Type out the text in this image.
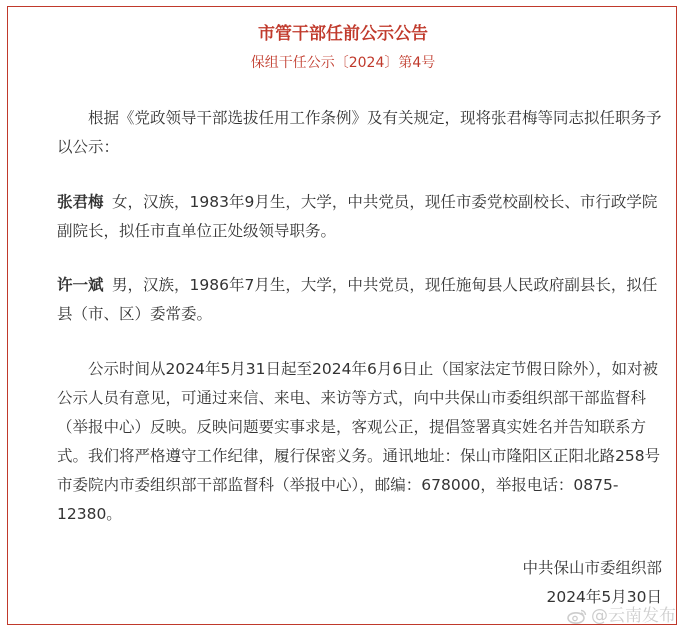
市管干部任前公示公告
保组干任公示〔2024〕第4号

根据《党政领导干部选拔任用工作条例》及有关规定，现将张君梅等同志拟任职务予以公示：

张君梅 女，汉族，1983年9月生，大学，中共党员，现任市委党校副校长、市行政学院副院长，拟任市直单位正处级领导职务。

许一斌 男，汉族，1986年7月生，大学，中共党员，现任施甸县人民政府副县长，拟任县（市、区）委常委。

公示时间从2024年5月31日起至2024年6月6日止（国家法定节假日除外），如对被公示人员有意见，可通过来信、来电、来访等方式，向中共保山市委组织部干部监督科（举报中心）反映。反映问题要实事求是，客观公正，提倡签署真实姓名并告知联系方式。我们将严格遵守工作纪律，履行保密义务。通讯地址：保山市隆阳区正阳北路258号市委院内市委组织部干部监督科（举报中心），邮编：678000，举报电话：0875-12380。

中共保山市委组织部
2024年5月30日
@云南发布
